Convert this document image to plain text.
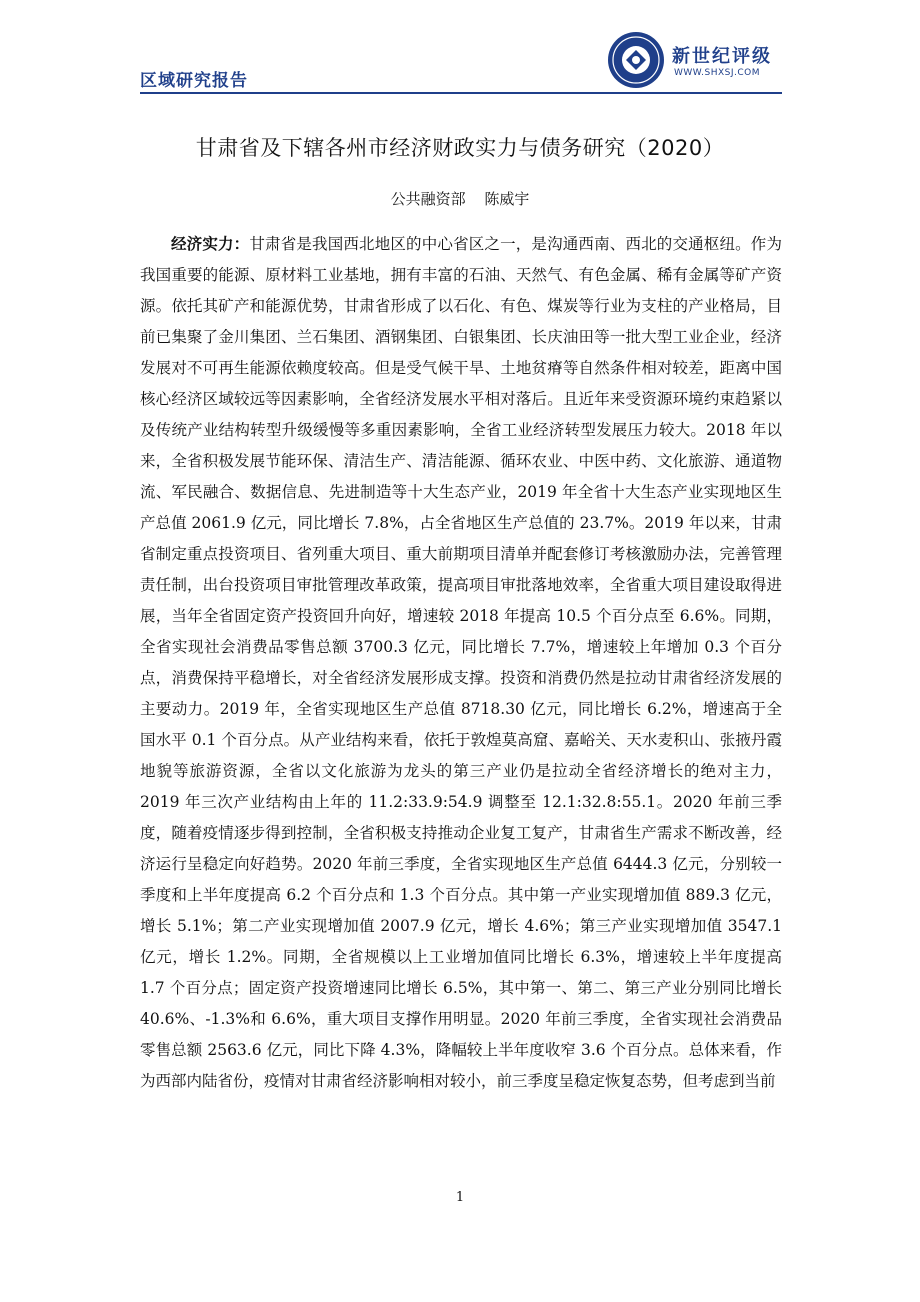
区域研究报告
新世纪评级
WWW.SHXSJ.COM
甘肃省及下辖各州市经济财政实力与债务研究（2020）
公共融资部 陈威宇

经济实力：甘肃省是我国西北地区的中心省区之一，是沟通西南、西北的交通枢纽。作为我国重要的能源、原材料工业基地，拥有丰富的石油、天然气、有色金属、稀有金属等矿产资源。依托其矿产和能源优势，甘肃省形成了以石化、有色、煤炭等行业为支柱的产业格局，目前已集聚了金川集团、兰石集团、酒钢集团、白银集团、长庆油田等一批大型工业企业，经济发展对不可再生能源依赖度较高。但是受气候干旱、土地贫瘠等自然条件相对较差，距离中国核心经济区域较远等因素影响，全省经济发展水平相对落后。且近年来受资源环境约束趋紧以及传统产业结构转型升级缓慢等多重因素影响，全省工业经济转型发展压力较大。2018 年以来，全省积极发展节能环保、清洁生产、清洁能源、循环农业、中医中药、文化旅游、通道物流、军民融合、数据信息、先进制造等十大生态产业，2019 年全省十大生态产业实现地区生产总值 2061.9 亿元，同比增长 7.8%，占全省地区生产总值的 23.7%。2019 年以来，甘肃省制定重点投资项目、省列重大项目、重大前期项目清单并配套修订考核激励办法，完善管理责任制，出台投资项目审批管理改革政策，提高项目审批落地效率，全省重大项目建设取得进展，当年全省固定资产投资回升向好，增速较 2018 年提高 10.5 个百分点至 6.6%。同期，全省实现社会消费品零售总额 3700.3 亿元，同比增长 7.7%，增速较上年增加 0.3 个百分点，消费保持平稳增长，对全省经济发展形成支撑。投资和消费仍然是拉动甘肃省经济发展的主要动力。2019 年，全省实现地区生产总值 8718.30 亿元，同比增长 6.2%，增速高于全国水平 0.1 个百分点。从产业结构来看，依托于敦煌莫高窟、嘉峪关、天水麦积山、张掖丹霞地貌等旅游资源，全省以文化旅游为龙头的第三产业仍是拉动全省经济增长的绝对主力，2019 年三次产业结构由上年的 11.2:33.9:54.9 调整至 12.1:32.8:55.1。2020 年前三季度，随着疫情逐步得到控制，全省积极支持推动企业复工复产，甘肃省生产需求不断改善，经济运行呈稳定向好趋势。2020 年前三季度，全省实现地区生产总值 6444.3 亿元，分别较一季度和上半年度提高 6.2 个百分点和 1.3 个百分点。其中第一产业实现增加值 889.3 亿元，增长 5.1%；第二产业实现增加值 2007.9 亿元，增长 4.6%；第三产业实现增加值 3547.1 亿元，增长 1.2%。同期，全省规模以上工业增加值同比增长 6.3%，增速较上半年度提高 1.7 个百分点；固定资产投资增速同比增长 6.5%，其中第一、第二、第三产业分别同比增长 40.6%、-1.3%和 6.6%，重大项目支撑作用明显。2020 年前三季度，全省实现社会消费品零售总额 2563.6 亿元，同比下降 4.3%，降幅较上半年度收窄 3.6 个百分点。总体来看，作为西部内陆省份，疫情对甘肃省经济影响相对较小，前三季度呈稳定恢复态势，但考虑到当前

1
